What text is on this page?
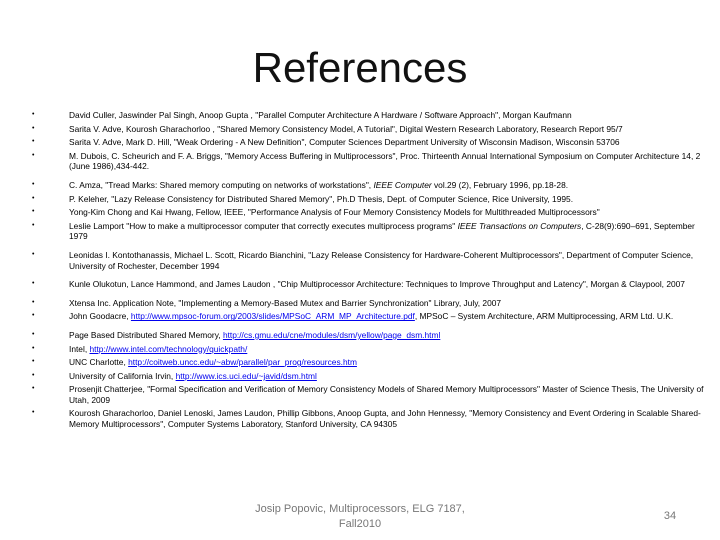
References
•	David Culler, Jaswinder Pal Singh, Anoop Gupta , "Parallel Computer Architecture A Hardware / Software Approach", Morgan Kaufmann
•	Sarita V. Adve, Kourosh Gharachorloo , "Shared Memory Consistency Model, A Tutorial", Digital Western Research Laboratory, Research Report 95/7
•	Sarita V. Adve, Mark D. Hill, "Weak Ordering - A New Definition", Computer Sciences Department University of Wisconsin Madison, Wisconsin 53706
•	M. Dubois, C. Scheurich and F. A. Briggs, "Memory Access Buffering in Multiprocessors", Proc. Thirteenth Annual International Symposium on Computer Architecture 14, 2 (June 1986),434-442.
•	C. Amza, "Tread Marks: Shared memory computing on networks of workstations", IEEE Computer vol.29 (2), February 1996, pp.18-28.
•	P. Keleher, "Lazy Release Consistency for Distributed Shared Memory", Ph.D Thesis, Dept. of Computer Science, Rice University, 1995.
•	Yong-Kim Chong and Kai Hwang, Fellow, IEEE, "Performance Analysis of Four Memory Consistency Models for Multithreaded Multiprocessors"
•	Leslie Lamport "How to make a multiprocessor computer that correctly executes multiprocess programs" IEEE Transactions on Computers, C-28(9):690–691, September 1979
•	Leonidas I. Kontothanassis, Michael L. Scott, Ricardo Bianchini, "Lazy Release Consistency for Hardware-Coherent Multiprocessors", Department of Computer Science, University of Rochester, December 1994
•	Kunle Olukotun, Lance Hammond, and James Laudon , "Chip Multiprocessor Architecture: Techniques to Improve Throughput and Latency", Morgan & Claypool, 2007
•	Xtensa Inc. Application Note, "Implementing a Memory-Based Mutex and Barrier Synchronization" Library, July, 2007
•	John Goodacre, http://www.mpsoc-forum.org/2003/slides/MPSoC_ARM_MP_Architecture.pdf, MPSoC – System Architecture, ARM Multiprocessing, ARM Ltd. U.K.
•	Page Based Distributed Shared Memory, http://cs.gmu.edu/cne/modules/dsm/yellow/page_dsm.html
•	Intel, http://www.intel.com/technology/quickpath/
•	UNC Charlotte, http://coitweb.uncc.edu/~abw/parallel/par_prog/resources.htm
•	University of California Irvin, http://www.ics.uci.edu/~javid/dsm.html
•	Prosenjit Chatterjee, "Formal Specification and Verification of Memory Consistency Models of Shared Memory Multiprocessors" Master of Science Thesis, The University of Utah, 2009
•	Kourosh Gharachorloo, Daniel Lenoski, James Laudon, Phillip Gibbons, Anoop Gupta, and John Hennessy, "Memory Consistency and Event Ordering in Scalable Shared-Memory Multiprocessors", Computer Systems Laboratory, Stanford University, CA 94305
Josip Popovic, Multiprocessors, ELG 7187, Fall2010
34
